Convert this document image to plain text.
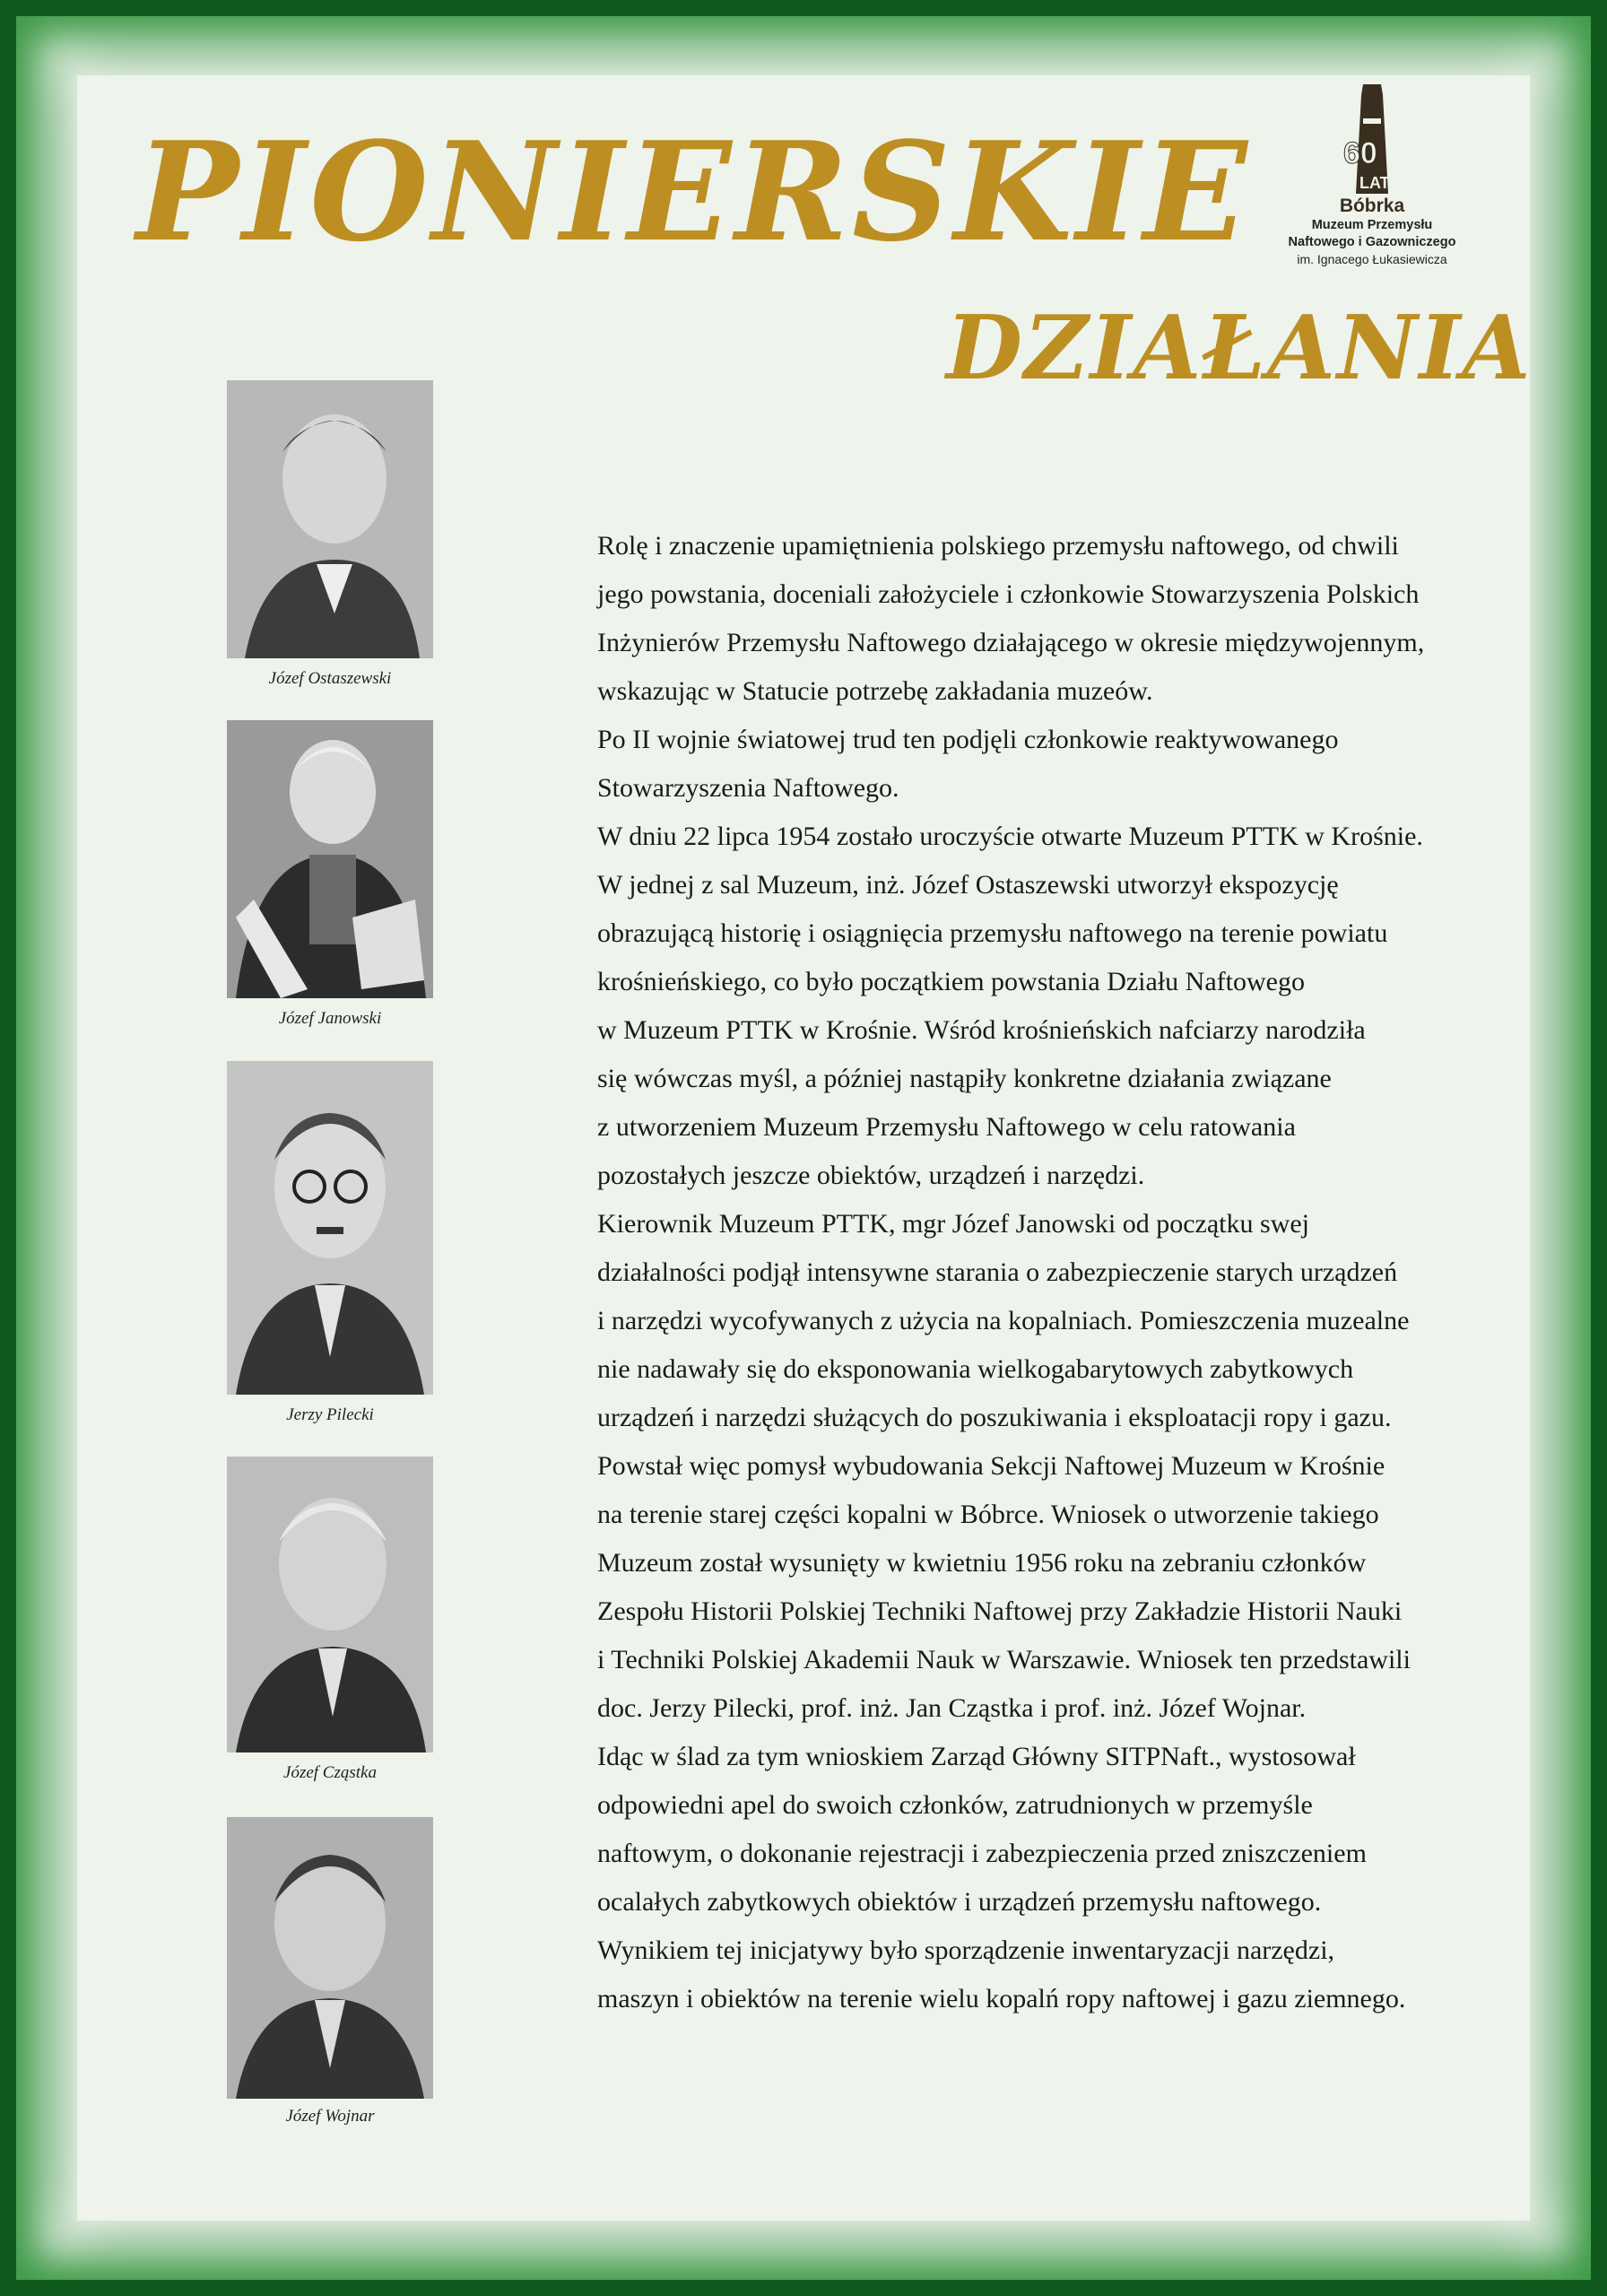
PIONIERSKIE
DZIAŁANIA
60
LAT
Bóbrka
Muzeum Przemysłu
Naftowego i Gazowniczego
im. Ignacego Łukasiewicza
Józef Ostaszewski
Józef Janowski
Jerzy Pilecki
Józef Cząstka
Józef Wojnar
Rolę i znaczenie upamiętnienia polskiego przemysłu naftowego, od chwili
jego powstania, doceniali założyciele i członkowie Stowarzyszenia Polskich
Inżynierów Przemysłu Naftowego działającego w okresie międzywojennym,
wskazując w Statucie potrzebę zakładania muzeów.
Po II wojnie światowej trud ten podjęli członkowie reaktywowanego
Stowarzyszenia Naftowego.
W dniu 22 lipca 1954 zostało uroczyście otwarte Muzeum PTTK w Krośnie.
W jednej z sal Muzeum, inż. Józef Ostaszewski utworzył ekspozycję
obrazującą historię i osiągnięcia przemysłu naftowego na terenie powiatu
krośnieńskiego, co było początkiem powstania Działu Naftowego
w Muzeum PTTK w Krośnie. Wśród krośnieńskich nafciarzy narodziła
się wówczas myśl, a później nastąpiły konkretne działania związane
z utworzeniem Muzeum Przemysłu Naftowego w celu ratowania
pozostałych jeszcze obiektów, urządzeń i narzędzi.
Kierownik Muzeum PTTK, mgr Józef Janowski od początku swej
działalności podjął intensywne starania o zabezpieczenie starych urządzeń
i narzędzi wycofywanych z użycia na kopalniach. Pomieszczenia muzealne
nie nadawały się do eksponowania wielkogabarytowych zabytkowych
urządzeń i narzędzi służących do poszukiwania i eksploatacji ropy i gazu.
Powstał więc pomysł wybudowania Sekcji Naftowej Muzeum w Krośnie
na terenie starej części kopalni w Bóbrce. Wniosek o utworzenie takiego
Muzeum został wysunięty w kwietniu 1956 roku na zebraniu członków
Zespołu Historii Polskiej Techniki Naftowej przy Zakładzie Historii Nauki
i Techniki Polskiej Akademii Nauk w Warszawie. Wniosek ten przedstawili
doc. Jerzy Pilecki, prof. inż. Jan Cząstka i prof. inż. Józef Wojnar.
Idąc w ślad za tym wnioskiem Zarząd Główny SITPNaft., wystosował
odpowiedni apel do swoich członków, zatrudnionych w przemyśle
naftowym, o dokonanie rejestracji i zabezpieczenia przed zniszczeniem
ocalałych zabytkowych obiektów i urządzeń przemysłu naftowego.
Wynikiem tej inicjatywy było sporządzenie inwentaryzacji narzędzi,
maszyn i obiektów na terenie wielu kopalń ropy naftowej i gazu ziemnego.
